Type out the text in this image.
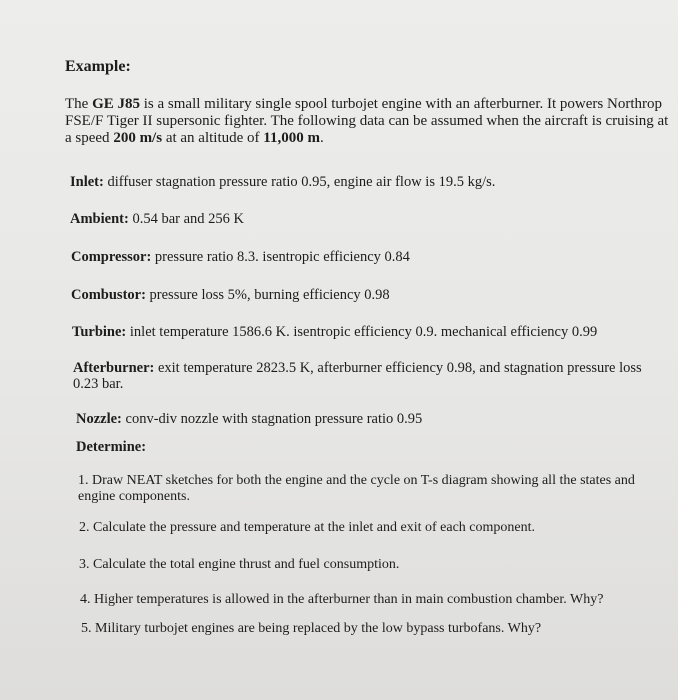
Example:
The GE J85 is a small military single spool turbojet engine with an afterburner. It powers Northrop FSE/F Tiger II supersonic fighter. The following data can be assumed when the aircraft is cruising at a speed 200 m/s at an altitude of 11,000 m.
Inlet: diffuser stagnation pressure ratio 0.95, engine air flow is 19.5 kg/s.
Ambient: 0.54 bar and 256 K
Compressor: pressure ratio 8.3. isentropic efficiency 0.84
Combustor: pressure loss 5%, burning efficiency 0.98
Turbine: inlet temperature 1586.6 K. isentropic efficiency 0.9. mechanical efficiency 0.99
Afterburner: exit temperature 2823.5 K, afterburner efficiency 0.98, and stagnation pressure loss 0.23 bar.
Nozzle: conv-div nozzle with stagnation pressure ratio 0.95
Determine:
1. Draw NEAT sketches for both the engine and the cycle on T-s diagram showing all the states and engine components.
2. Calculate the pressure and temperature at the inlet and exit of each component.
3. Calculate the total engine thrust and fuel consumption.
4. Higher temperatures is allowed in the afterburner than in main combustion chamber. Why?
5. Military turbojet engines are being replaced by the low bypass turbofans. Why?
